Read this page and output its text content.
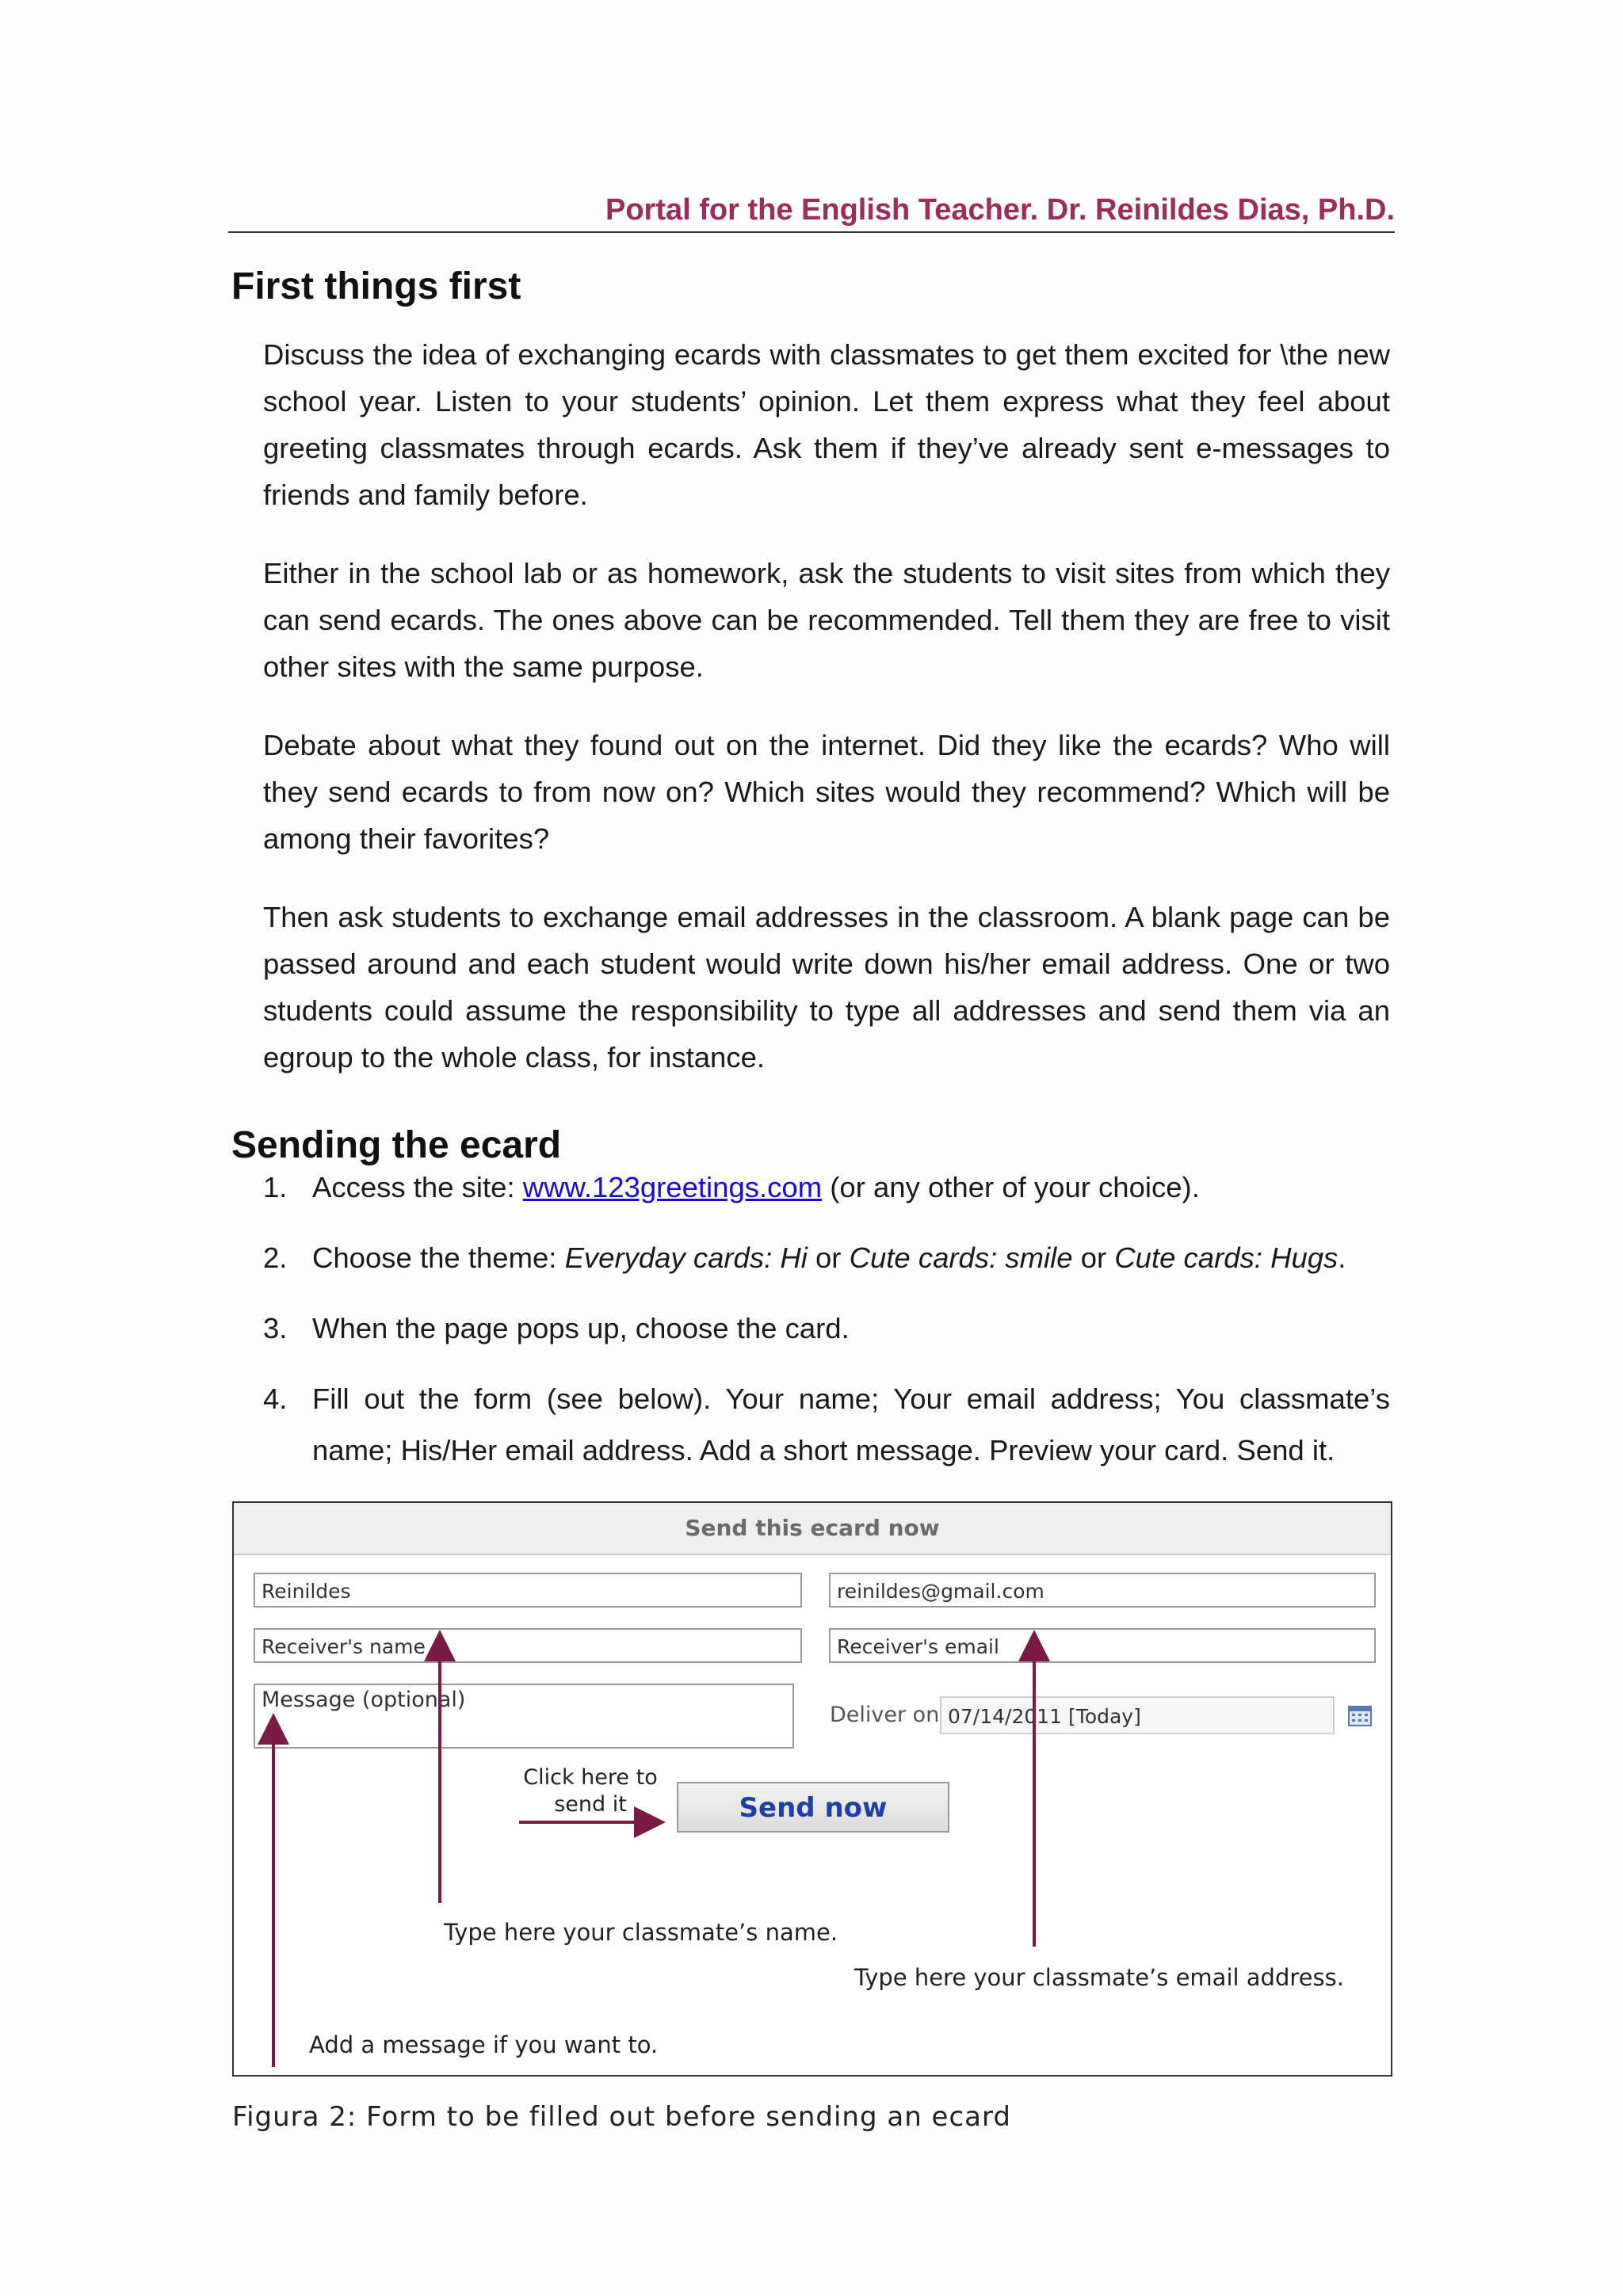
Portal for the English Teacher. Dr. Reinildes Dias, Ph.D.
First things first

Discuss the idea of exchanging ecards with classmates to get them excited for \the new school year. Listen to your students’ opinion. Let them express what they feel about greeting classmates through ecards. Ask them if they’ve already sent e-messages to friends and family before.

Either in the school lab or as homework, ask the students to visit sites from which they can send ecards. The ones above can be recommended. Tell them they are free to visit other sites with the same purpose.

Debate about what they found out on the internet. Did they like the ecards? Who will they send ecards to from now on? Which sites would they recommend? Which will be among their favorites?

Then ask students to exchange email addresses in the classroom. A blank page can be passed around and each student would write down his/her email address. One or two students could assume the responsibility to type all addresses and send them via an egroup to the whole class, for instance.

Sending the ecard
1. Access the site: www.123greetings.com (or any other of your choice).
2. Choose the theme: Everyday cards: Hi or Cute cards: smile or Cute cards: Hugs.
3. When the page pops up, choose the card.
4. Fill out the form (see below). Your name; Your email address; You classmate’s name; His/Her email address. Add a short message. Preview your card. Send it.
Send this ecard now
Reinildes	reinildes@gmail.com
Receiver's name	Receiver's email
Message (optional)
Deliver on 07/14/2011 [Today]
Click here to send it	Send now
Type here your classmate’s name.
Type here your classmate’s email address.
Add a message if you want to.
Figura 2: Form to be filled out before sending an ecard
